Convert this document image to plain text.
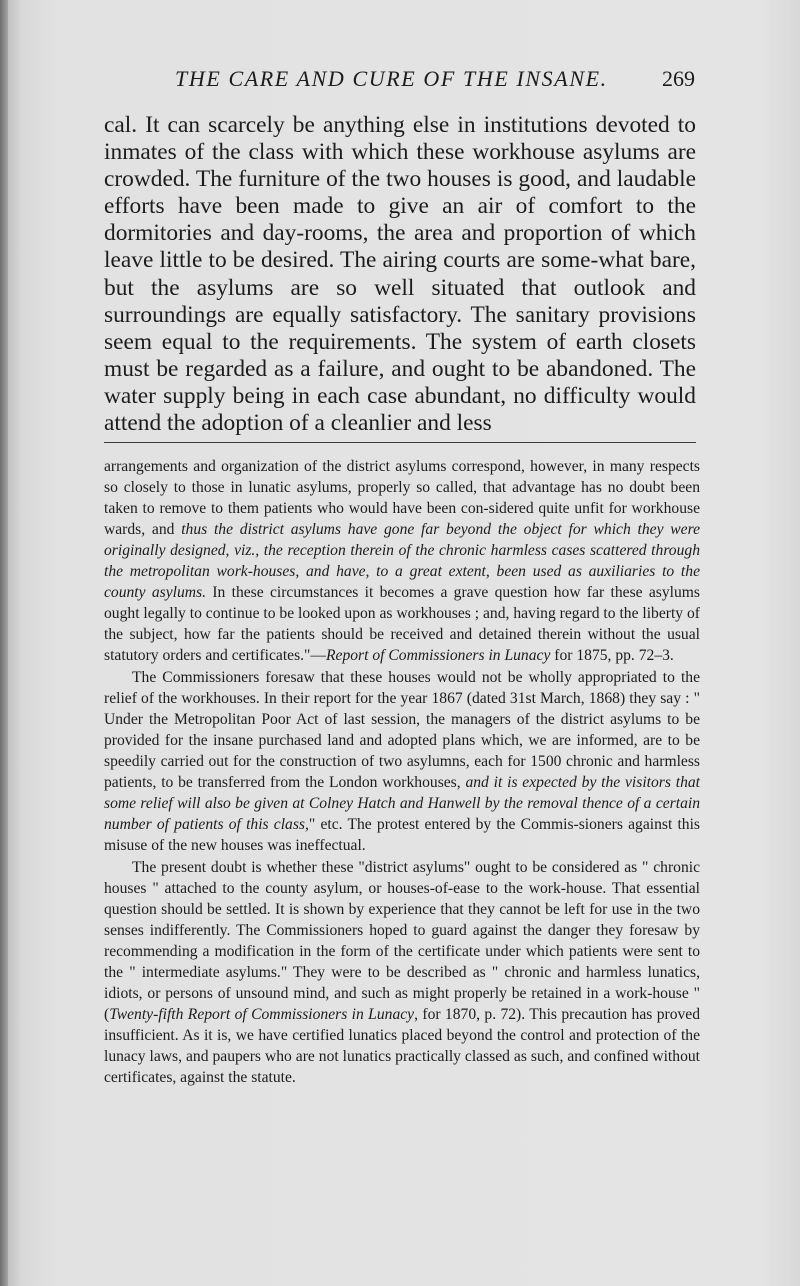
THE CARE AND CURE OF THE INSANE. 269

cal. It can scarcely be anything else in institutions devoted to inmates of the class with which these workhouse asylums are crowded. The furniture of the two houses is good, and laudable efforts have been made to give an air of comfort to the dormitories and day-rooms, the area and proportion of which leave little to be desired. The airing courts are some-what bare, but the asylums are so well situated that outlook and surroundings are equally satisfactory. The sanitary provisions seem equal to the requirements. The system of earth closets must be regarded as a failure, and ought to be abandoned. The water supply being in each case abundant, no difficulty would attend the adoption of a cleanlier and less

arrangements and organization of the district asylums correspond, however, in many respects so closely to those in lunatic asylums, properly so called, that advantage has no doubt been taken to remove to them patients who would have been con-sidered quite unfit for workhouse wards, and thus the district asylums have gone far beyond the object for which they were originally designed, viz., the reception therein of the chronic harmless cases scattered through the metropolitan work-houses, and have, to a great extent, been used as auxiliaries to the county asylums. In these circumstances it becomes a grave question how far these asylums ought legally to continue to be looked upon as workhouses ; and, having regard to the liberty of the subject, how far the patients should be received and detained therein without the usual statutory orders and certificates."—Report of Commissioners in Lunacy for 1875, pp. 72–3.

The Commissioners foresaw that these houses would not be wholly appropriated to the relief of the workhouses. In their report for the year 1867 (dated 31st March, 1868) they say : " Under the Metropolitan Poor Act of last session, the managers of the district asylums to be provided for the insane purchased land and adopted plans which, we are informed, are to be speedily carried out for the construction of two asylumns, each for 1500 chronic and harmless patients, to be transferred from the London workhouses, and it is expected by the visitors that some relief will also be given at Colney Hatch and Hanwell by the removal thence of a certain number of patients of this class," etc. The protest entered by the Commis-sioners against this misuse of the new houses was ineffectual.

The present doubt is whether these "district asylums" ought to be considered as " chronic houses " attached to the county asylum, or houses-of-ease to the work-house. That essential question should be settled. It is shown by experience that they cannot be left for use in the two senses indifferently. The Commissioners hoped to guard against the danger they foresaw by recommending a modification in the form of the certificate under which patients were sent to the " intermediate asylums." They were to be described as " chronic and harmless lunatics, idiots, or persons of unsound mind, and such as might properly be retained in a work-house " (Twenty-fifth Report of Commissioners in Lunacy, for 1870, p. 72). This precaution has proved insufficient. As it is, we have certified lunatics placed beyond the control and protection of the lunacy laws, and paupers who are not lunatics practically classed as such, and confined without certificates, against the statute.
